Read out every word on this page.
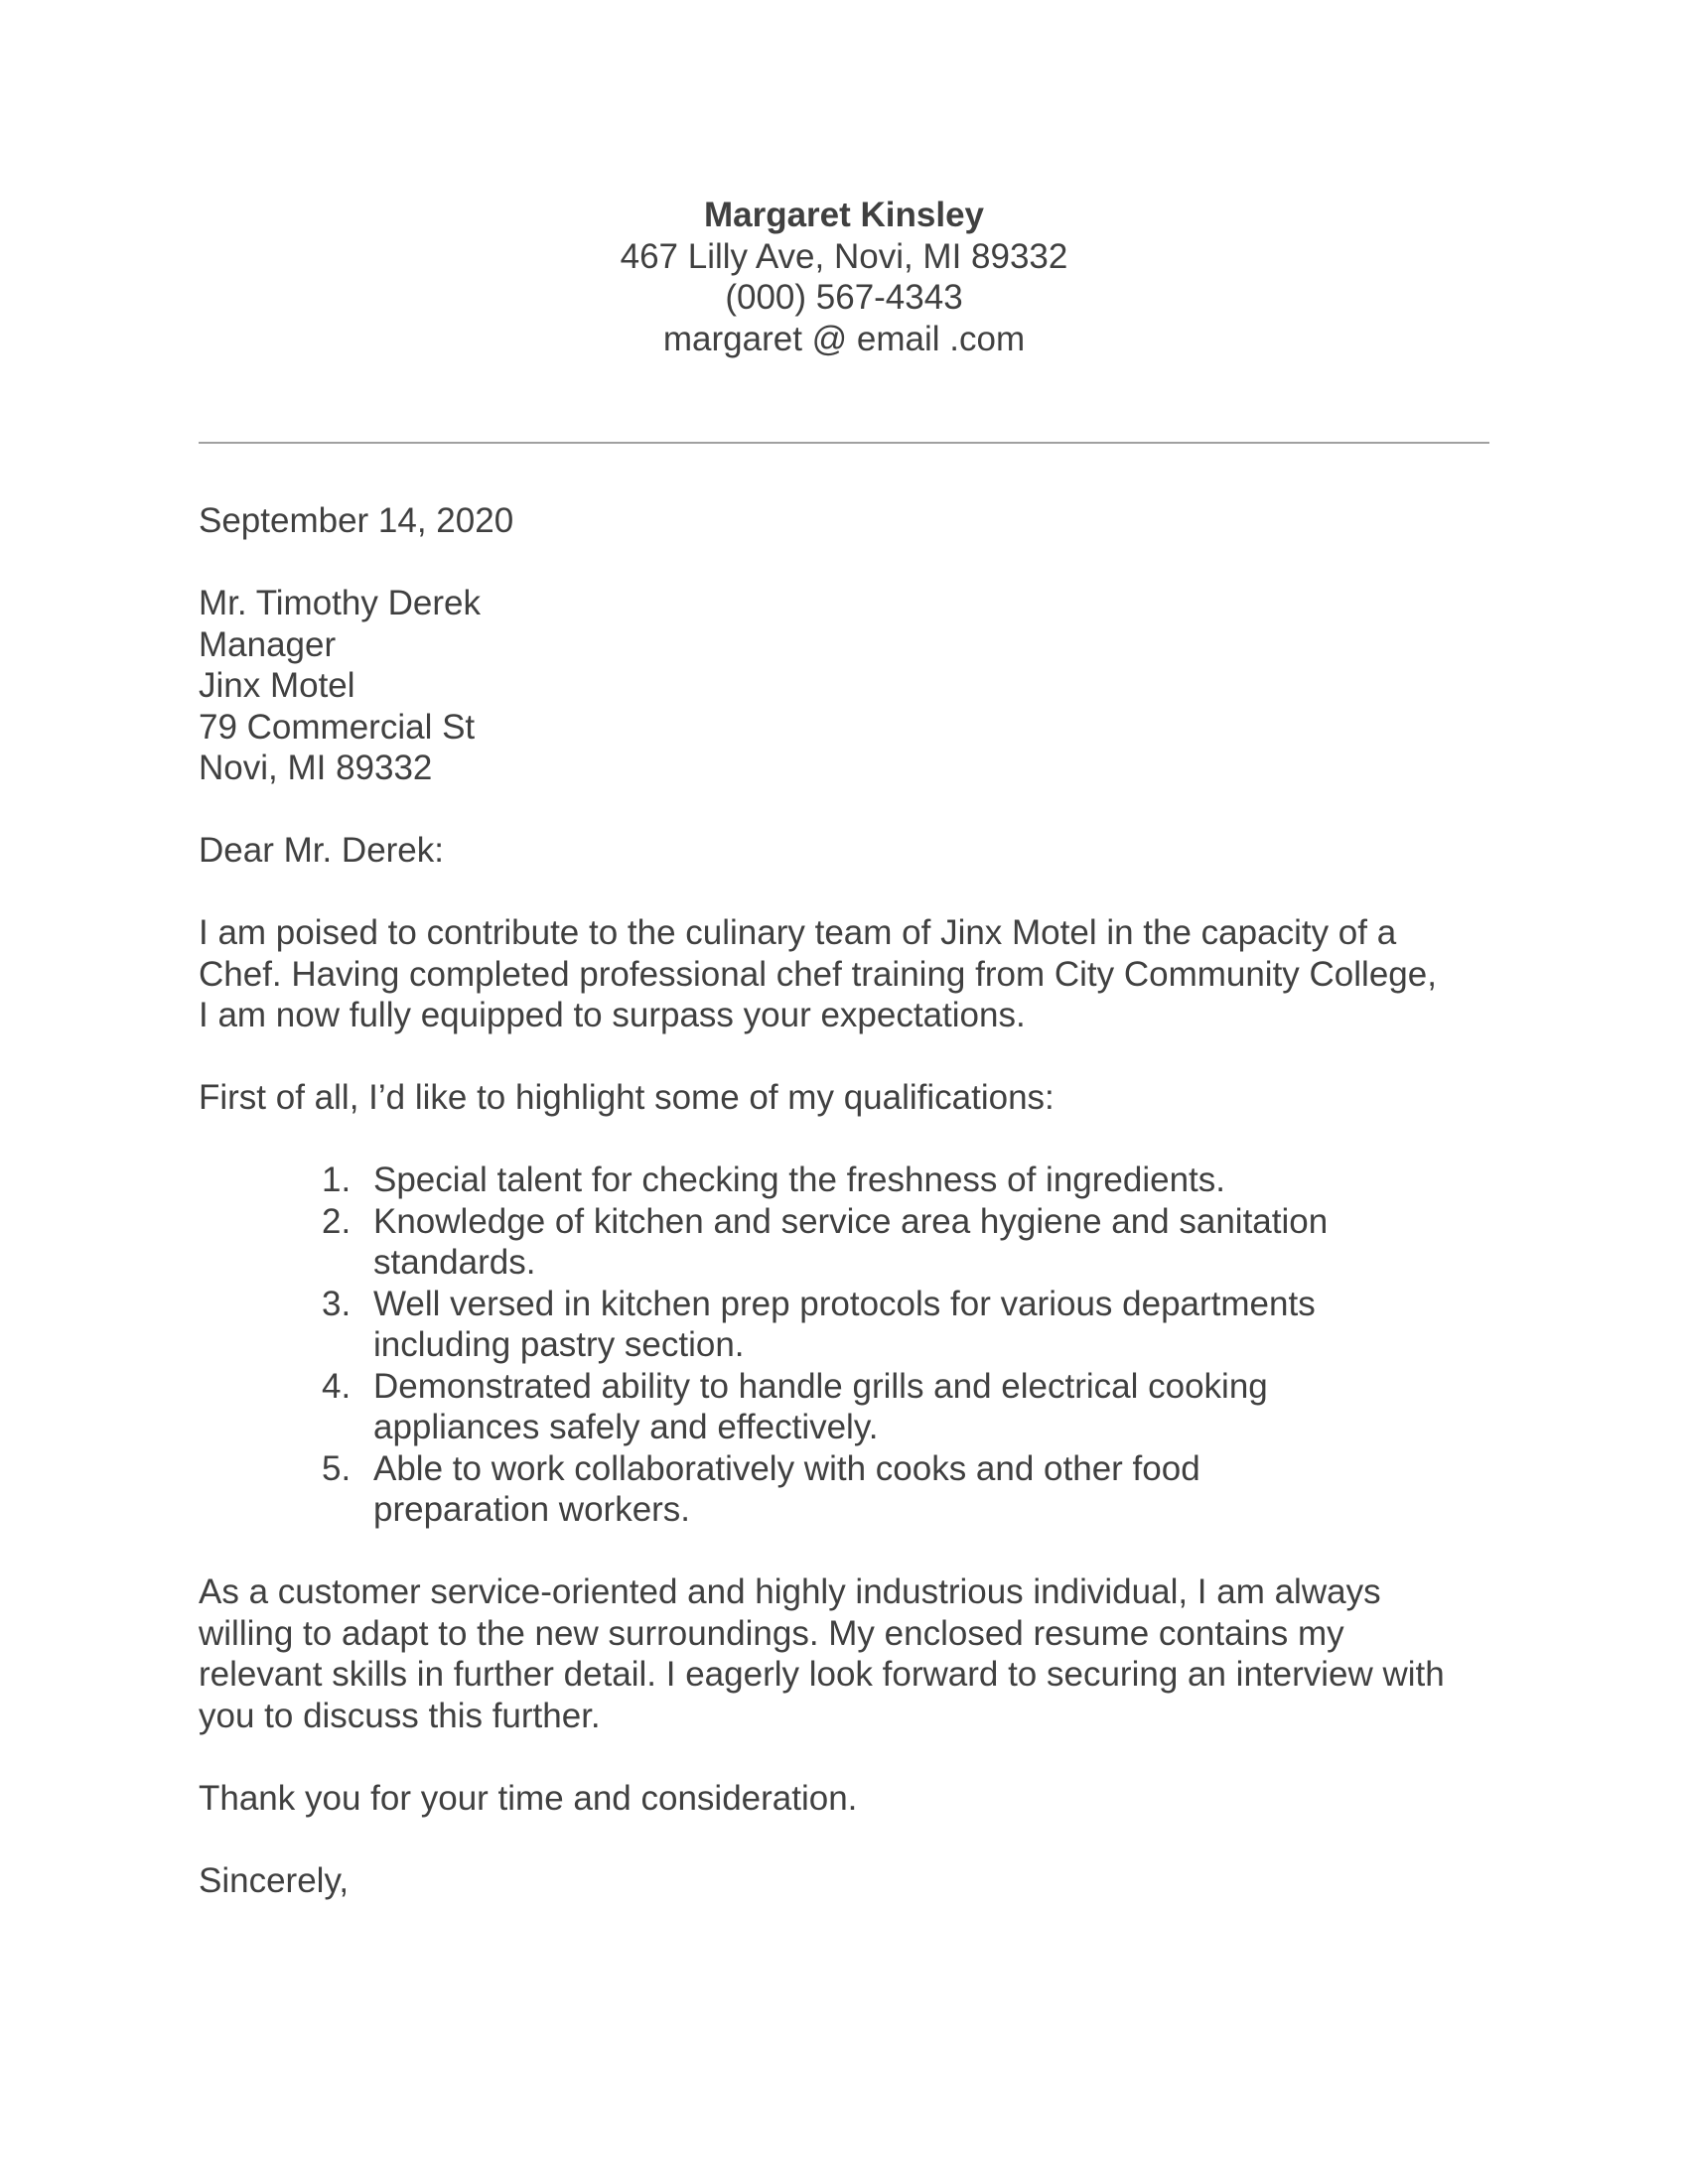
Margaret Kinsley
467 Lilly Ave, Novi, MI 89332
(000) 567-4343
margaret @ email .com
September 14, 2020
Mr. Timothy Derek
Manager
Jinx Motel
79 Commercial St
Novi, MI 89332
Dear Mr. Derek:
I am poised to contribute to the culinary team of Jinx Motel in the capacity of a
Chef. Having completed professional chef training from City Community College,
I am now fully equipped to surpass your expectations.
First of all, I’d like to highlight some of my qualifications:
1. Special talent for checking the freshness of ingredients.
2. Knowledge of kitchen and service area hygiene and sanitation standards.
3. Well versed in kitchen prep protocols for various departments including pastry section.
4. Demonstrated ability to handle grills and electrical cooking appliances safely and effectively.
5. Able to work collaboratively with cooks and other food preparation workers.
As a customer service-oriented and highly industrious individual, I am always
willing to adapt to the new surroundings. My enclosed resume contains my
relevant skills in further detail. I eagerly look forward to securing an interview with
you to discuss this further.
Thank you for your time and consideration.
Sincerely,
